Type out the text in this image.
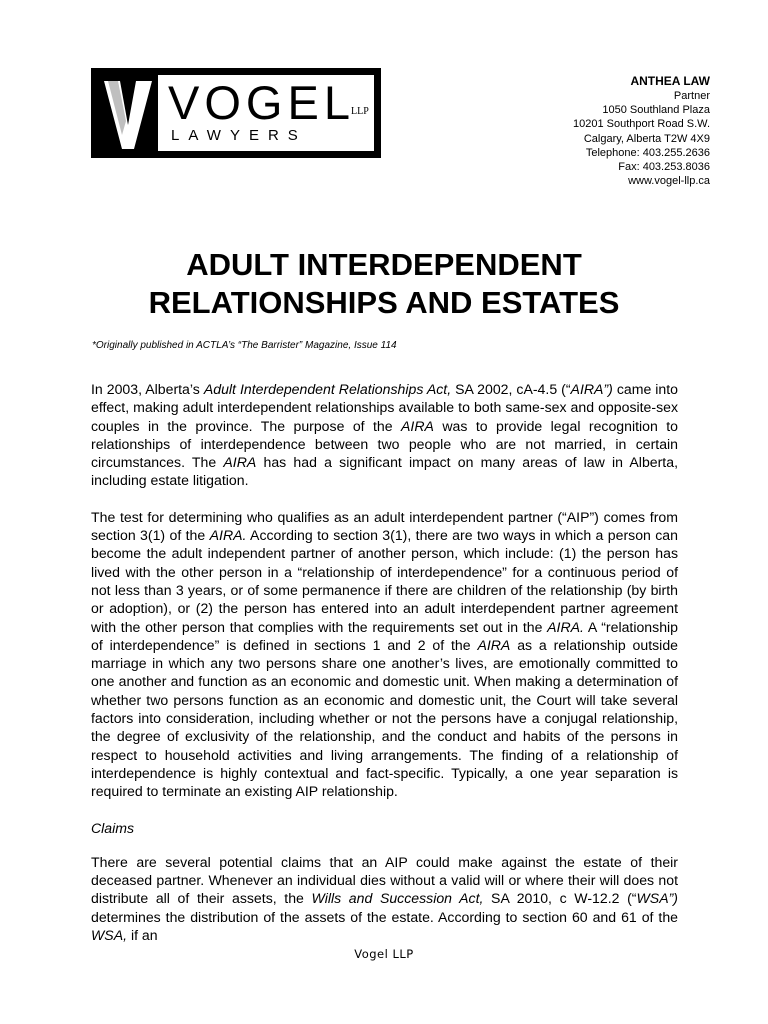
VOGEL
LLP
LAWYERS
ANTHEA LAW
Partner
1050 Southland Plaza
10201 Southport Road S.W.
Calgary, Alberta T2W 4X9
Telephone: 403.255.2636
Fax: 403.253.8036
www.vogel-llp.ca
ADULT INTERDEPENDENT
RELATIONSHIPS AND ESTATES
*Originally published in ACTLA’s “The Barrister” Magazine, Issue 114

In 2003, Alberta’s Adult Interdependent Relationships Act, SA 2002, cA-4.5 (“AIRA”) came into effect, making adult interdependent relationships available to both same-sex and opposite-sex couples in the province. The purpose of the AIRA was to provide legal recognition to relationships of interdependence between two people who are not married, in certain circumstances. The AIRA has had a significant impact on many areas of law in Alberta, including estate litigation.

The test for determining who qualifies as an adult interdependent partner (“AIP”) comes from section 3(1) of the AIRA. According to section 3(1), there are two ways in which a person can become the adult independent partner of another person, which include: (1) the person has lived with the other person in a “relationship of interdependence” for a continuous period of not less than 3 years, or of some permanence if there are children of the relationship (by birth or adoption), or (2) the person has entered into an adult interdependent partner agreement with the other person that complies with the requirements set out in the AIRA. A “relationship of interdependence” is defined in sections 1 and 2 of the AIRA as a relationship outside marriage in which any two persons share one another’s lives, are emotionally committed to one another and function as an economic and domestic unit. When making a determination of whether two persons function as an economic and domestic unit, the Court will take several factors into consideration, including whether or not the persons have a conjugal relationship, the degree of exclusivity of the relationship, and the conduct and habits of the persons in respect to household activities and living arrangements. The finding of a relationship of interdependence is highly contextual and fact-specific. Typically, a one year separation is required to terminate an existing AIP relationship.

Claims

There are several potential claims that an AIP could make against the estate of their deceased partner. Whenever an individual dies without a valid will or where their will does not distribute all of their assets, the Wills and Succession Act, SA 2010, c W-12.2 (“WSA”) determines the distribution of the assets of the estate. According to section 60 and 61 of the WSA, if an

Vogel LLP
